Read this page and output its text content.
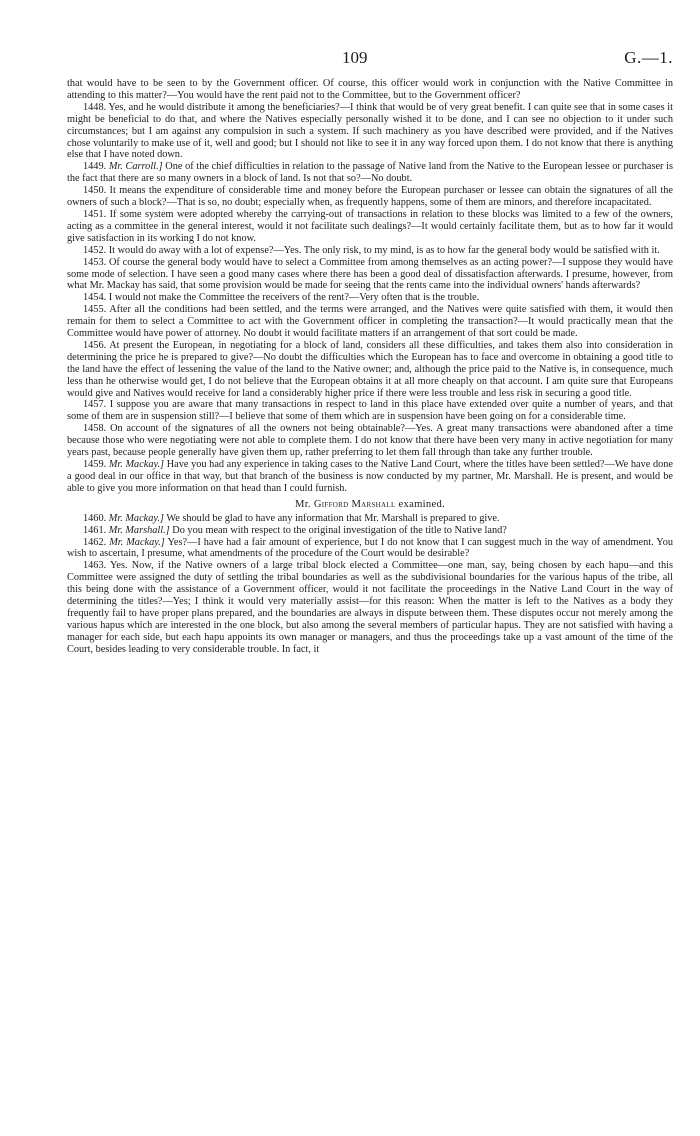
109	G.—1.

that would have to be seen to by the Government officer. Of course, this officer would work in conjunction with the Native Committee in attending to this matter?—You would have the rent paid not to the Committee, but to the Government officer?

1448. Yes, and he would distribute it among the beneficiaries?—I think that would be of very great benefit. I can quite see that in some cases it might be beneficial to do that, and where the Natives especially personally wished it to be done, and I can see no objection to it under such circumstances; but I am against any compulsion in such a system. If such machinery as you have described were provided, and if the Natives chose voluntarily to make use of it, well and good; but I should not like to see it in any way forced upon them. I do not know that there is anything else that I have noted down.

1449. Mr. Carroll.] One of the chief difficulties in relation to the passage of Native land from the Native to the European lessee or purchaser is the fact that there are so many owners in a block of land. Is not that so?—No doubt.

1450. It means the expenditure of considerable time and money before the European purchaser or lessee can obtain the signatures of all the owners of such a block?—That is so, no doubt; especially when, as frequently happens, some of them are minors, and therefore incapacitated.

1451. If some system were adopted whereby the carrying-out of transactions in relation to these blocks was limited to a few of the owners, acting as a committee in the general interest, would it not facilitate such dealings?—It would certainly facilitate them, but as to how far it would give satisfaction in its working I do not know.

1452. It would do away with a lot of expense?—Yes. The only risk, to my mind, is as to how far the general body would be satisfied with it.

1453. Of course the general body would have to select a Committee from among themselves as an acting power?—I suppose they would have some mode of selection. I have seen a good many cases where there has been a good deal of dissatisfaction afterwards. I presume, however, from what Mr. Mackay has said, that some provision would be made for seeing that the rents came into the individual owners' hands afterwards?

1454. I would not make the Committee the receivers of the rent?—Very often that is the trouble.

1455. After all the conditions had been settled, and the terms were arranged, and the Natives were quite satisfied with them, it would then remain for them to select a Committee to act with the Government officer in completing the transaction?—It would practically mean that the Committee would have power of attorney. No doubt it would facilitate matters if an arrangement of that sort could be made.

1456. At present the European, in negotiating for a block of land, considers all these difficulties, and takes them also into consideration in determining the price he is prepared to give?—No doubt the difficulties which the European has to face and overcome in obtaining a good title to the land have the effect of lessening the value of the land to the Native owner; and, although the price paid to the Native is, in consequence, much less than he otherwise would get, I do not believe that the European obtains it at all more cheaply on that account. I am quite sure that Europeans would give and Natives would receive for land a considerably higher price if there were less trouble and less risk in securing a good title.

1457. I suppose you are aware that many transactions in respect to land in this place have extended over quite a number of years, and that some of them are in suspension still?—I believe that some of them which are in suspension have been going on for a considerable time.

1458. On account of the signatures of all the owners not being obtainable?—Yes. A great many transactions were abandoned after a time because those who were negotiating were not able to complete them. I do not know that there have been very many in active negotiation for many years past, because people generally have given them up, rather preferring to let them fall through than take any further trouble.

1459. Mr. Mackay.] Have you had any experience in taking cases to the Native Land Court, where the titles have been settled?—We have done a good deal in our office in that way, but that branch of the business is now conducted by my partner, Mr. Marshall. He is present, and would be able to give you more information on that head than I could furnish.

Mr. Gifford Marshall examined.

1460. Mr. Mackay.] We should be glad to have any information that Mr. Marshall is prepared to give.

1461. Mr. Marshall.] Do you mean with respect to the original investigation of the title to Native land?

1462. Mr. Mackay.] Yes?—I have had a fair amount of experience, but I do not know that I can suggest much in the way of amendment. You wish to ascertain, I presume, what amendments of the procedure of the Court would be desirable?

1463. Yes. Now, if the Native owners of a large tribal block elected a Committee—one man, say, being chosen by each hapu—and this Committee were assigned the duty of settling the tribal boundaries as well as the subdivisional boundaries for the various hapus of the tribe, all this being done with the assistance of a Government officer, would it not facilitate the proceedings in the Native Land Court in the way of determining the titles?—Yes; I think it would very materially assist—for this reason: When the matter is left to the Natives as a body they frequently fail to have proper plans prepared, and the boundaries are always in dispute between them. These disputes occur not merely among the various hapus which are interested in the one block, but also among the several members of particular hapus. They are not satisfied with having a manager for each side, but each hapu appoints its own manager or managers, and thus the proceedings take up a vast amount of the time of the Court, besides leading to very considerable trouble. In fact, it
